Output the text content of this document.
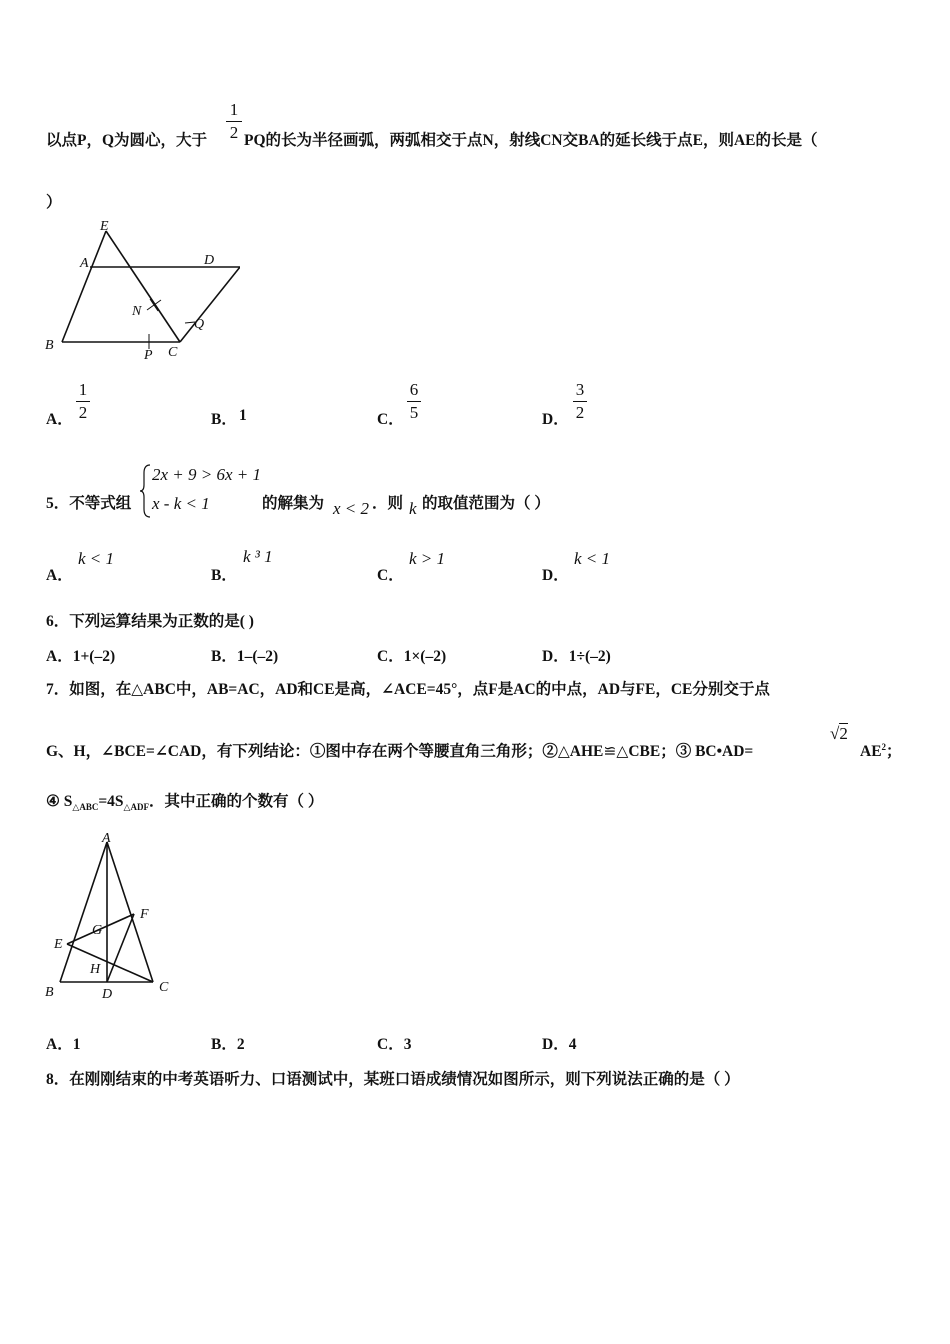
以点P，Q为圆心，大于
1
2 PQ的长为半径画弧，两弧相交于点N，射线CN交BA的延长线于点E，则AE的长是（
）
E
A	D
N
Q
B
P C
A．
1
2	B． 1	C．
6
5	D．
3
2
5．不等式组
2x + 9 > 6x + 1
x - k < 1	的解集为 x < 2 ．则 k 的取值范围为（ ）
A．
k < 1
B．
k ³ 1
C．
k > 1
D．
k < 1
6．下列运算结果为正数的是( )
A．1+(–2)	B．1–(–2)	C．1×(–2)	D．1÷(–2)
7．如图，在△ABC中，AB=AC，AD和CE是高，∠ACE=45°，点F是AC的中点，AD与FE，CE分别交于点
G、H，∠BCE=∠CAD，有下列结论：①图中存在两个等腰直角三角形；②△AHE≌△CBE；③ BC•AD=
√2
$AE^2$；
④ $S_{\triangle ABC}=4S_{\triangle ADF}$．其中正确的个数有（ ）
A
F
G
E
H
B	D	C
A．1	B．2	C．3	D．4
8．在刚刚结束的中考英语听力、口语测试中，某班口语成绩情况如图所示，则下列说法正确的是（ ）
